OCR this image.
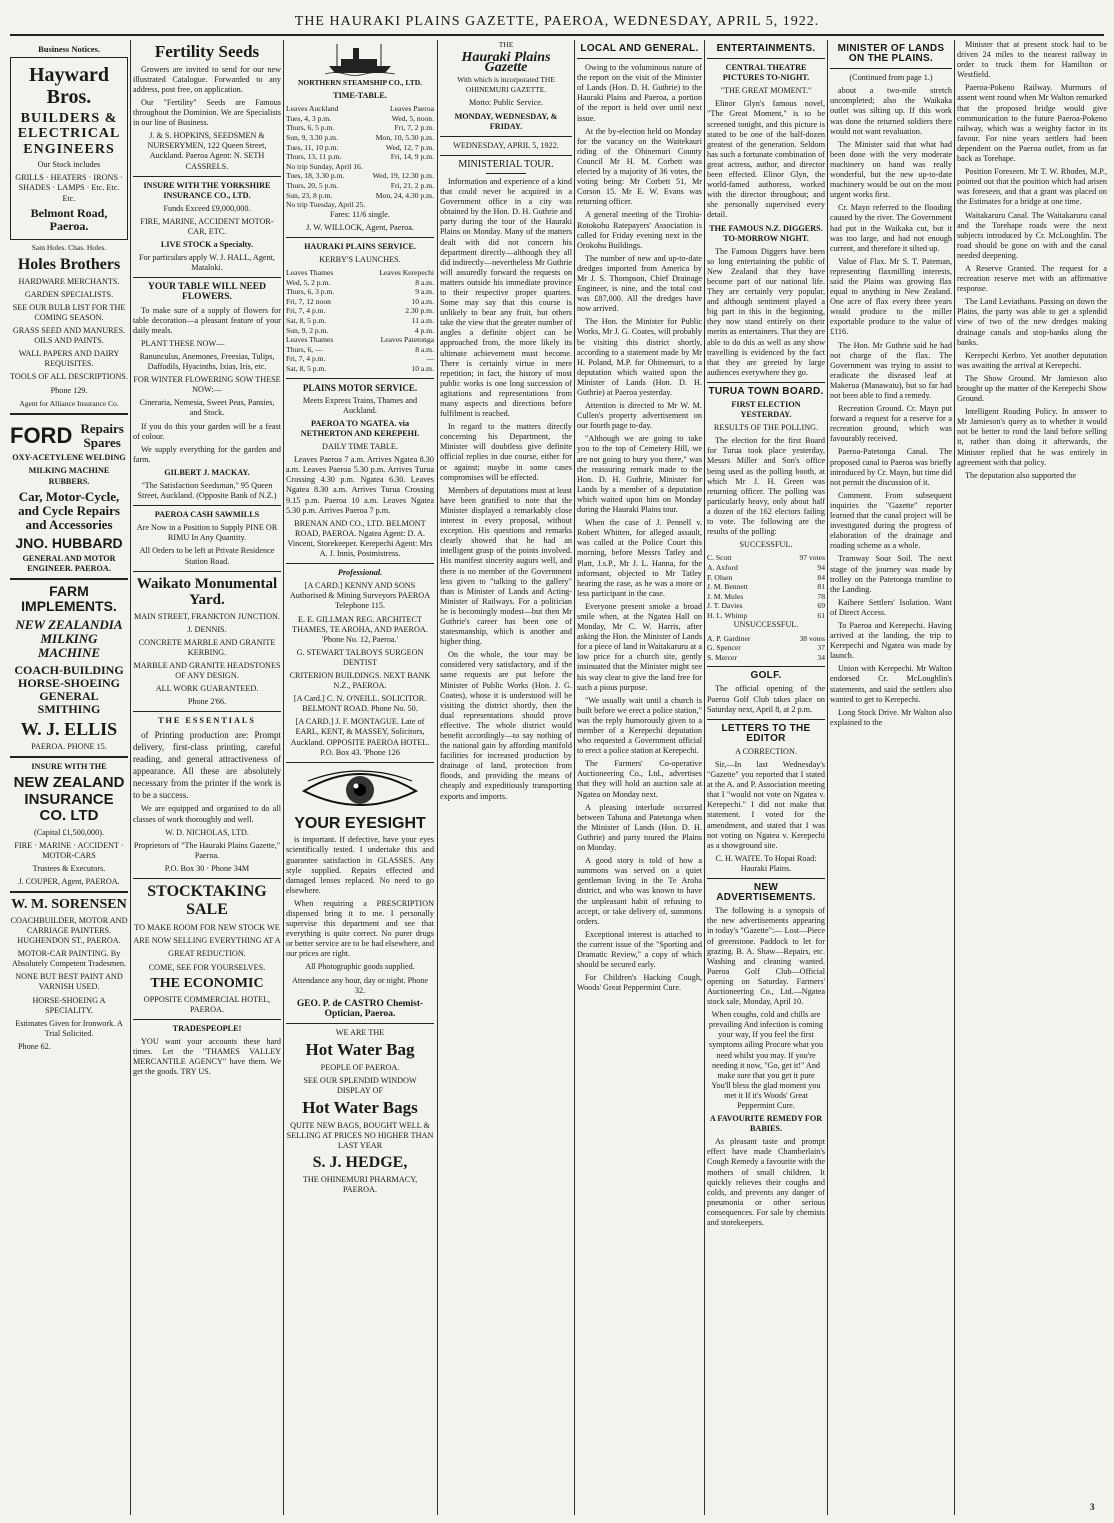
THE HAURAKI PLAINS GAZETTE, PAEROA, WEDNESDAY, APRIL 5, 1922.
Business Notices.
Hayward Bros.
BUILDERS & ELECTRICAL ENGINEERS

Our Stock includes

GRILLS · HEATERS · IRONS · SHADES · LAMPS · Etc. Etc. Etc.

Belmont Road, Paeroa.

Sam Holes. Chas. Holes.

Holes Brothers

HARDWARE MERCHANTS.

GARDEN SPECIALISTS.

SEE OUR BULB LIST FOR THE COMING SEASON.

GRASS SEED AND MANURES. OILS AND PAINTS.

WALL PAPERS AND DAIRY REQUISITES.

TOOLS OF ALL DESCRIPTIONS.

Phone 129.

Agent for Alliance Insurance Co.

FORD Repairs Spares

OXY-ACETYLENE WELDING

MILKING MACHINE RUBBERS.

Car, Motor-Cycle, and Cycle Repairs and Accessories
JNO. HUBBARD

GENERAL AND MOTOR ENGINEER. PAEROA.

FARM IMPLEMENTS.
NEW ZEALANDIA MILKING MACHINE
COACH-BUILDING HORSE-SHOEING GENERAL SMITHING
W. J. ELLIS

PAEROA. PHONE 15.

INSURE WITH THE

NEW ZEALAND INSURANCE CO. LTD

(Capital £1,500,000).

FIRE · MARINE · ACCIDENT · MOTOR-CARS

Trustees & Executors.

J. COUPER, Agent, PAEROA.

W. M. SORENSEN

COACHBUILDER, MOTOR AND CARRIAGE PAINTERS. HUGHENDON ST., PAEROA.

MOTOR-CAR PAINTING. By Absolutely Competent Tradesmen.

NONE BUT BEST PAINT AND VARNISH USED.

HORSE-SHOEING A SPECIALITY.

Estimates Given for Ironwork. A Trial Solicited.

Phone 62.

Fertility Seeds

Growers are invited to send for our new illustrated Catalogue. Forwarded to any address, post free, on application.

Our "Fertility" Seeds are Famous throughout the Dominion. We are Specialists in our line of Business.

J. & S. HOPKINS, SEEDSMEN & NURSERYMEN, 122 Queen Street, Auckland. Paeroa Agent: N. SETH CASSRELS.

INSURE WITH THE YORKSHIRE INSURANCE CO., LTD.

Funds Exceed £9,000,000.

FIRE, MARINE, ACCIDENT MOTOR-CAR, ETC.

LIVE STOCK a Specialty.

For particulars apply W. J. HALL, Agent, Mataloki.

YOUR TABLE WILL NEED FLOWERS.

To make sure of a supply of flowers for table decoration—a pleasant feature of your daily meals.

PLANT THESE NOW—

Ranunculus, Anemones, Freesias, Tulips, Daffodils, Hyacinths, Ixias, Iris, etc.

FOR WINTER FLOWERING SOW THESE NOW:—

Cineraria, Nemesia, Sweet Peas, Pansies, and Stock.

If you do this your garden will be a feast of colour.

We supply everything for the garden and farm.

GILBERT J. MACKAY.

"The Satisfaction Seedsman," 95 Queen Street, Auckland. (Opposite Bank of N.Z.)

PAEROA CASH SAWMILLS

Are Now in a Position to Supply PINE OR RIMU In Any Quantity.

All Orders to be left at Private Residence Station Road.

Waikato Monumental Yard.

MAIN STREET, FRANKTON JUNCTION.

J. DENNIS.

CONCRETE MARBLE AND GRANITE KERBING.

MARBLE AND GRANITE HEADSTONES OF ANY DESIGN.

ALL WORK GUARANTEED.

Phone 2'66.

THE ESSENTIALS

of Printing production are: Prompt delivery, first-class printing, careful reading, and general attractiveness of appearance. All these are absolutely necessary from the printer if the work is to be a success.

We are equipped and organised to do all classes of work thoroughly and well.

W. D. NICHOLAS, LTD.

Proprietors of "The Hauraki Plains Gazette," Paeroa.

P.O. Box 30 · Phone 34M

STOCKTAKING SALE

TO MAKE ROOM FOR NEW STOCK WE ARE NOW SELLING EVERYTHING AT A GREAT REDUCTION.

COME, SEE FOR YOURSELVES.

THE ECONOMIC

OPPOSITE COMMERCIAL HOTEL, PAEROA.

TRADESPEOPLE!

YOU want your accounts these hard times. Let the "THAMES VALLEY MERCANTILE AGENCY" have them. We get the goods. TRY US.

NORTHERN STEAMSHIP CO., LTD.

TIME-TABLE.

Leaves Auckland	Leaves Paeroa
Tues, 4, 3 p.m.	Wed, 5, noon.
Thurs, 6, 5 p.m.	Fri, 7, 2 p.m.
Sun, 9, 3.30 p.m.	Mon, 10, 5.30 p.m.
Tues, 11, 10 p.m.	Wed, 12, 7 p.m.
Thurs, 13, 11 p.m.	Fri, 14, 9 p.m.
No trip Sunday, April 16.	
Tues, 18, 3.30 p.m.	Wed, 19, 12.30 p.m.
Thurs, 20, 5 p.m.	Fri, 21, 2 p.m.
Sun, 23, 8 p.m.	Mon, 24, 4.30 p.m.
No trip Tuesday, April 25.	

Fares: 11/6 single.

J. W. WILLOCK, Agent, Paeroa.

HAURAKI PLAINS SERVICE.

KERBY'S LAUNCHES.

Leaves Thames	Leaves Kerepechi
Wed, 5, 2 p.m.	8 a.m.
Thurs, 6, 3 p.m.	9 a.m.
Fri, 7, 12 noon	10 a.m.
Fri, 7, 4 p.m.	2.30 p.m.
Sat, 8, 5 p.m.	11 a.m.
Sun, 9, 2 p.m.	4 p.m.
Leaves Thames	Leaves Patetonga
Thurs, 6, —	8 a.m.
Fri, 7, 4 p.m.	—
Sat, 8, 5 p.m.	10 a.m.

PLAINS MOTOR SERVICE.

Meets Express Trains, Thames and Auckland.

PAEROA TO NGATEA. via NETHERTON AND KEREPEHI.

DAILY TIME TABLE.

Leaves Paeroa 7 a.m. Arrives Ngatea 8.30 a.m. Leaves Paeroa 5.30 p.m. Arrives Turua Crossing 4.30 p.m. Ngatea 6.30. Leaves Ngatea 8.30 a.m. Arrives Turua Crossing 9.15 p.m. Paeroa 10 a.m. Leaves Ngatea 5.30 p.m. Arrives Paeroa 7 p.m.

BRENAN AND CO., LTD. BELMONT ROAD, PAEROA. Ngatea Agent: D. A. Vincent, Storekeeper. Kerepechi Agent: Mrs A. J. Innis, Postmistress.

Professional.

[A CARD.] KENNY AND SONS Authorised & Mining Surveyors PAEROA Telephone 115.

E. E. GILLMAN REG. ARCHITECT THAMES, TE AROHA, AND PAEROA. 'Phone No. 12, Paeroa.'

G. STEWART TALBOYS SURGEON DENTIST

CRITERION BUILDINGS. NEXT BANK N.Z., PAEROA.

[A Card.] C. N. O'NEILL. SOLICITOR. BELMONT ROAD. Phone No. 50.

[A CARD.] J. F. MONTAGUE. Late of EARL, KENT, & MASSEY, Solicitors, Auckland. OPPOSITE PAEROA HOTEL. P.O. Box 43. 'Phone 126

YOUR EYESIGHT

is important. If defective, have your eyes scientifically tested. I undertake this and guarantee satisfaction in GLASSES. Any style supplied. Repairs effected and damaged lenses replaced. No need to go elsewhere.

When requiring a PRESCRIPTION dispensed bring it to me. I personally supervise this department and see that everything is quite correct. No purer drugs or better service are to be had elsewhere, and our prices are right.

All Photographic goods supplied.

Attendance any hour, day or night. Phone 32.

GEO. P. de CASTRO Chemist-Optician, Paeroa.

WE ARE THE

Hot Water Bag

PEOPLE OF PAEROA.

SEE OUR SPLENDID WINDOW DISPLAY OF

Hot Water Bags

QUITE NEW BAGS, BOUGHT WELL & SELLING AT PRICES NO HIGHER THAN LAST YEAR

S. J. HEDGE,

THE OHINEMURI PHARMACY, PAEROA.

THE

Hauraki Plains Gazette

With which is incorporated THE OHINEMURI GAZETTE.

Motto: Public Service.

MONDAY, WEDNESDAY, & FRIDAY.

WEDNESDAY, APRIL 5, 1922.

MINISTERIAL TOUR.

Information and experience of a kind that could never be acquired in a Government office in a city was obtained by the Hon. D. H. Guthrie and party during the tour of the Hauraki Plains on Monday. Many of the matters dealt with did not concern his department directly—although they all did indirectly—nevertheless Mr Guthrie will assuredly forward the requests on matters outside his immediate province to their respective proper quarters. Some may say that this course is unlikely to bear any fruit, but others take the view that the greater number of angles a definite object can be approached from, the more likely its ultimate achievement must become. There is certainly virtue in mere repetition; in fact, the history of most public works is one long succession of agitations and representations from many aspects and directions before fulfilment is reached.

In regard to the matters directly concerning his Department, the Minister will doubtless give definite official replies in due course, either for or against; maybe in some cases compromises will be effected.

Members of deputations must at least have been gratified to note that the Minister displayed a remarkably close interest in every proposal, without exception. His questions and remarks clearly showed that he had an intelligent grasp of the points involved. His manifest sincerity augurs well, and there is no member of the Government less given to "talking to the gallery" than is Minister of Lands and Acting-Minister of Railways. For a politician he is becomingly modest—but then Mr Guthrie's career has been one of statesmanship, which is another and higher thing.

On the whole, the tour may be considered very satisfactory, and if the same requests are put before the Minister of Public Works (Hon. J. G. Coates), whose it is understood will be visiting the district shortly, then the dual representations should prove effective. The whole district would benefit accordingly—to say nothing of the national gain by affording manifold facilities for increased production by drainage of land, protection from floods, and providing the means of cheaply and expeditiously transporting exports and imports.

LOCAL AND GENERAL.

Owing to the voluminous nature of the report on the visit of the Minister of Lands (Hon. D. H. Guthrie) to the Hauraki Plains and Paeroa, a portion of the report is held over until next issue.

At the by-election held on Monday for the vacancy on the Waitekauri riding of the Ohinemuri County Council Mr H. M. Corbett was elected by a majority of 36 votes, the voting being: Mr Corbett 51, Mr Corson 15. Mr E. W. Evans was returning officer.

A general meeting of the Tirohia-Rotokohu Ratepayers' Association is called for Friday evening next in the Orokohu Buildings.

The number of new and up-to-date dredges imported from America by Mr J. S. Thompson, Chief Drainage Engineer, is nine, and the total cost was £87,000. All the dredges have now arrived.

The Hon. the Minister for Public Works, Mr J. G. Coates, will probably be visiting this district shortly, according to a statement made by Mr H. Poland, M.P. for Ohinemuri, to a deputation which waited upon the Minister of Lands (Hon. D. H. Guthrie) at Paeroa yesterday.

Attention is directed to Mr W. M. Cullen's property advertisement on our fourth page to-day.

"Although we are going to take you to the top of Cemetery Hill, we are not going to bury you there," was the reassuring remark made to the Hon. D. H. Guthrie, Minister for Lands by a member of a deputation which waited upon him on Monday during the Hauraki Plains tour.

When the case of J. Pennell v. Robert Whitten, for alleged assault, was called at the Police Court this morning, before Messrs Tatley and Platt, J.s.P., Mr J. L. Hanna, for the informant, objected to Mr Tatley hearing the case, as he was a more or less participant in the case.

Everyone present smoke a broad smile when, at the Ngatea Hall on Monday, Mr C. W. Harris, after asking the Hon. the Minister of Lands for a piece of land in Waitakaruru at a low price for a church site, gently insinuated that the Minister might see his way clear to give the land free for such a pious purpose.

"We usually wait until a church is built before we erect a police station," was the reply humorously given to a member of a Kerepechi deputation who requested a Government official to erect a police station at Kerepechi.

The Farmers' Co-operative Auctioneering Co., Ltd., advertises that they will hold an auction sale at Ngatea on Monday next.

A pleasing interlude occurred between Tahuna and Patetonga when the Minister of Lands (Hon. D. H. Guthrie) and party toured the Plains on Monday.

A good story is told of how a summons was served on a quiet gentleman living in the Te Aroha district, and who was known to have the unpleasant habit of refusing to accept, or take delivery of, summons orders.

Exceptional interest is attached to the current issue of the "Sporting and Dramatic Review," a copy of which should be secured early.

For Children's Hacking Cough, Woods' Great Peppermint Cure.

ENTERTAINMENTS.

CENTRAL THEATRE PICTURES TO-NIGHT.

"THE GREAT MOMENT."

Elinor Glyn's famous novel, "The Great Moment," is to be screened tonight, and this picture is stated to be one of the half-dozen greatest of the generation. Seldom has such a fortunate combination of great actress, author, and director been effected. Elinor Glyn, the world-famed authoress, worked with the director throughout; and she personally supervised every detail.

THE FAMOUS N.Z. DIGGERS. TO-MORROW NIGHT.

The Famous Diggers have been so long entertaining the public of New Zealand that they have become part of our national life. They are certainly very popular, and although sentiment played a big part in this in the beginning, they now stand entirely on their merits as entertainers. That they are able to do this as well as any show travelling is evidenced by the fact that they are greeted by large audiences everywhere they go.

TURUA TOWN BOARD.

FIRST ELECTION YESTERDAY.

RESULTS OF THE POLLING.

The election for the first Board for Turua took place yesterday, Messrs Miller and Son's office being used as the polling booth, at which Mr J. H. Green was returning officer. The polling was particularly heavy, only about half a dozen of the 162 electors failing to vote. The following are the results of the polling:

SUCCESSFUL.

C. Scott	97 votes
A. Axford	94
F. Olsen	84
J. M. Bennett	81
J. M. Mules	78
J. T. Davies	69
H. L. Whimp	61

UNSUCCESSFUL.

A. P. Gardiner	38 votes
G. Spencer	37
S. Mercer	34
GOLF.

The official opening of the Paeroa Golf Club takes place on Saturday next, April 8, at 2 p.m.

LETTERS TO THE EDITOR

A CORRECTION.

Sir,—In last Wednesday's "Gazette" you reported that I stated at the A. and P. Association meeting that I "would not vote on Ngatea v. Kerepechi." I did not make that statement. I voted for the amendment, and stated that I was not voting on Ngatea v. Kerepechi as a showground site.

C. H. WAITE. To Hopai Road: Hauraki Plains.

NEW ADVERTISEMENTS.

The following is a synopsis of the new advertisements appearing in today's "Gazette":— Lost—Piece of greenstone. Paddock to let for grazing. B. A. Shaw—Repairs, etc. Washing and cleaning wanted. Paeroa Golf Club—Official opening on Saturday. Farmers' Auctioneering Co., Ltd.—Ngatea stock sale, Monday, April 10.

When coughs, cold and chills are prevailing And infection is coming your way, If you feel the first symptoms ailing Procure what you need whilst you may. If you're needing it now, "Go, get it!" And make sure that you get it pure You'll bless the glad moment you met it If it's Woods' Great Peppermint Cure.

A FAVOURITE REMEDY FOR BABIES.

As pleasant taste and prompt effect have made Chamberlain's Cough Remedy a favourite with the mothers of small children. It quickly relieves their coughs and colds, and prevents any danger of pneumonia or other serious consequences. For sale by chemists and storekeepers.

MINISTER OF LANDS ON THE PLAINS.

(Continued from page 1.)

about a two-mile stretch uncompleted; also the Waikaka outlet was silting up. If this work was done the returned soldiers there would not want revaluation.

The Minister said that what had been done with the very moderate machinery on hand was really wonderful, but the new up-to-date machinery would be out on the most urgent works first.

Cr. Mayn referred to the flooding caused by the river. The Government had put in the Waikaka cut, but it was too large, and had not enough current, and therefore it silted up.

Value of Flax. Mr S. T. Pateman, representing flaxmilling interests, said the Plains was growing flax equal to anything in New Zealand. One acre of flax every three years would produce to the miller exportable produce to the value of £116.

The Hon. Mr Guthrie said he had not charge of the flax. The Government was trying to assist to eradicate the diseased leaf at Makerua (Manawatu), but so far had not been able to find a remedy.

Recreation Ground. Cr. Mayn put forward a request for a reserve for a recreation ground, which was favourably received.

Paeroa-Patetonga Canal. The proposed canal to Paeroa was briefly introduced by Cr. Mayn, but time did not permit the discussion of it.

Comment. From subsequent inquiries the "Gazette" reporter learned that the canal project will be investigated during the progress of elaboration of the drainage and roading scheme as a whole.

Tramway Sour Soil. The next stage of the journey was made by trolley on the Patetonga tramline to the Landing.

Kaihere Settlers' Isolation. Want of Direct Access.

To Paeroa and Kerepechi. Having arrived at the landing, the trip to Kerepechi and Ngatea was made by launch.

Union with Kerepechi. Mr Walton endorsed Cr. McLoughlin's statements, and said the settlers also wanted to get to Kerepechi.

Long Stock Drive. Mr Walton also explained to the

Minister that at present stock had to be driven 24 miles to the nearest railway in order to truck them for Hamilton or Westfield.

Paeroa-Pokeno Railway. Murmurs of assent went round when Mr Walton remarked that the proposed bridge would give communication to the future Paeroa-Pokeno railway, which was a weighty factor in its favour. For nine years settlers had been dependent on the Paeroa outlet, from as far back as Torehape.

Position Foreseen. Mr T. W. Rhodes, M.P., pointed out that the position which had arisen was foreseen, and that a grant was placed on the Estimates for a bridge at one time.

Waitakaruru Canal. The Waitakaruru canal and the Torehape roads were the next subjects introduced by Cr. McLoughlin. The road should be gone on with and the canal needed deepening.

A Reserve Granted. The request for a recreation reserve met with an affirmative response.

The Land Leviathans. Passing on down the Plains, the party was able to get a splendid view of two of the new dredges making drainage canals and stop-banks along the banks.

Kerepechi Kerbro. Yet another deputation was awaiting the arrival at Kerepechi.

The Show Ground. Mr Jamieson also brought up the matter of the Kerepechi Show Ground.

Intelligent Roading Policy. In answer to Mr Jamieson's query as to whether it would not be better to rond the land before selling it, rather than doing it afterwards, the Minister replied that he was entirely in agreement with that policy.

The deputation also supported the

3
